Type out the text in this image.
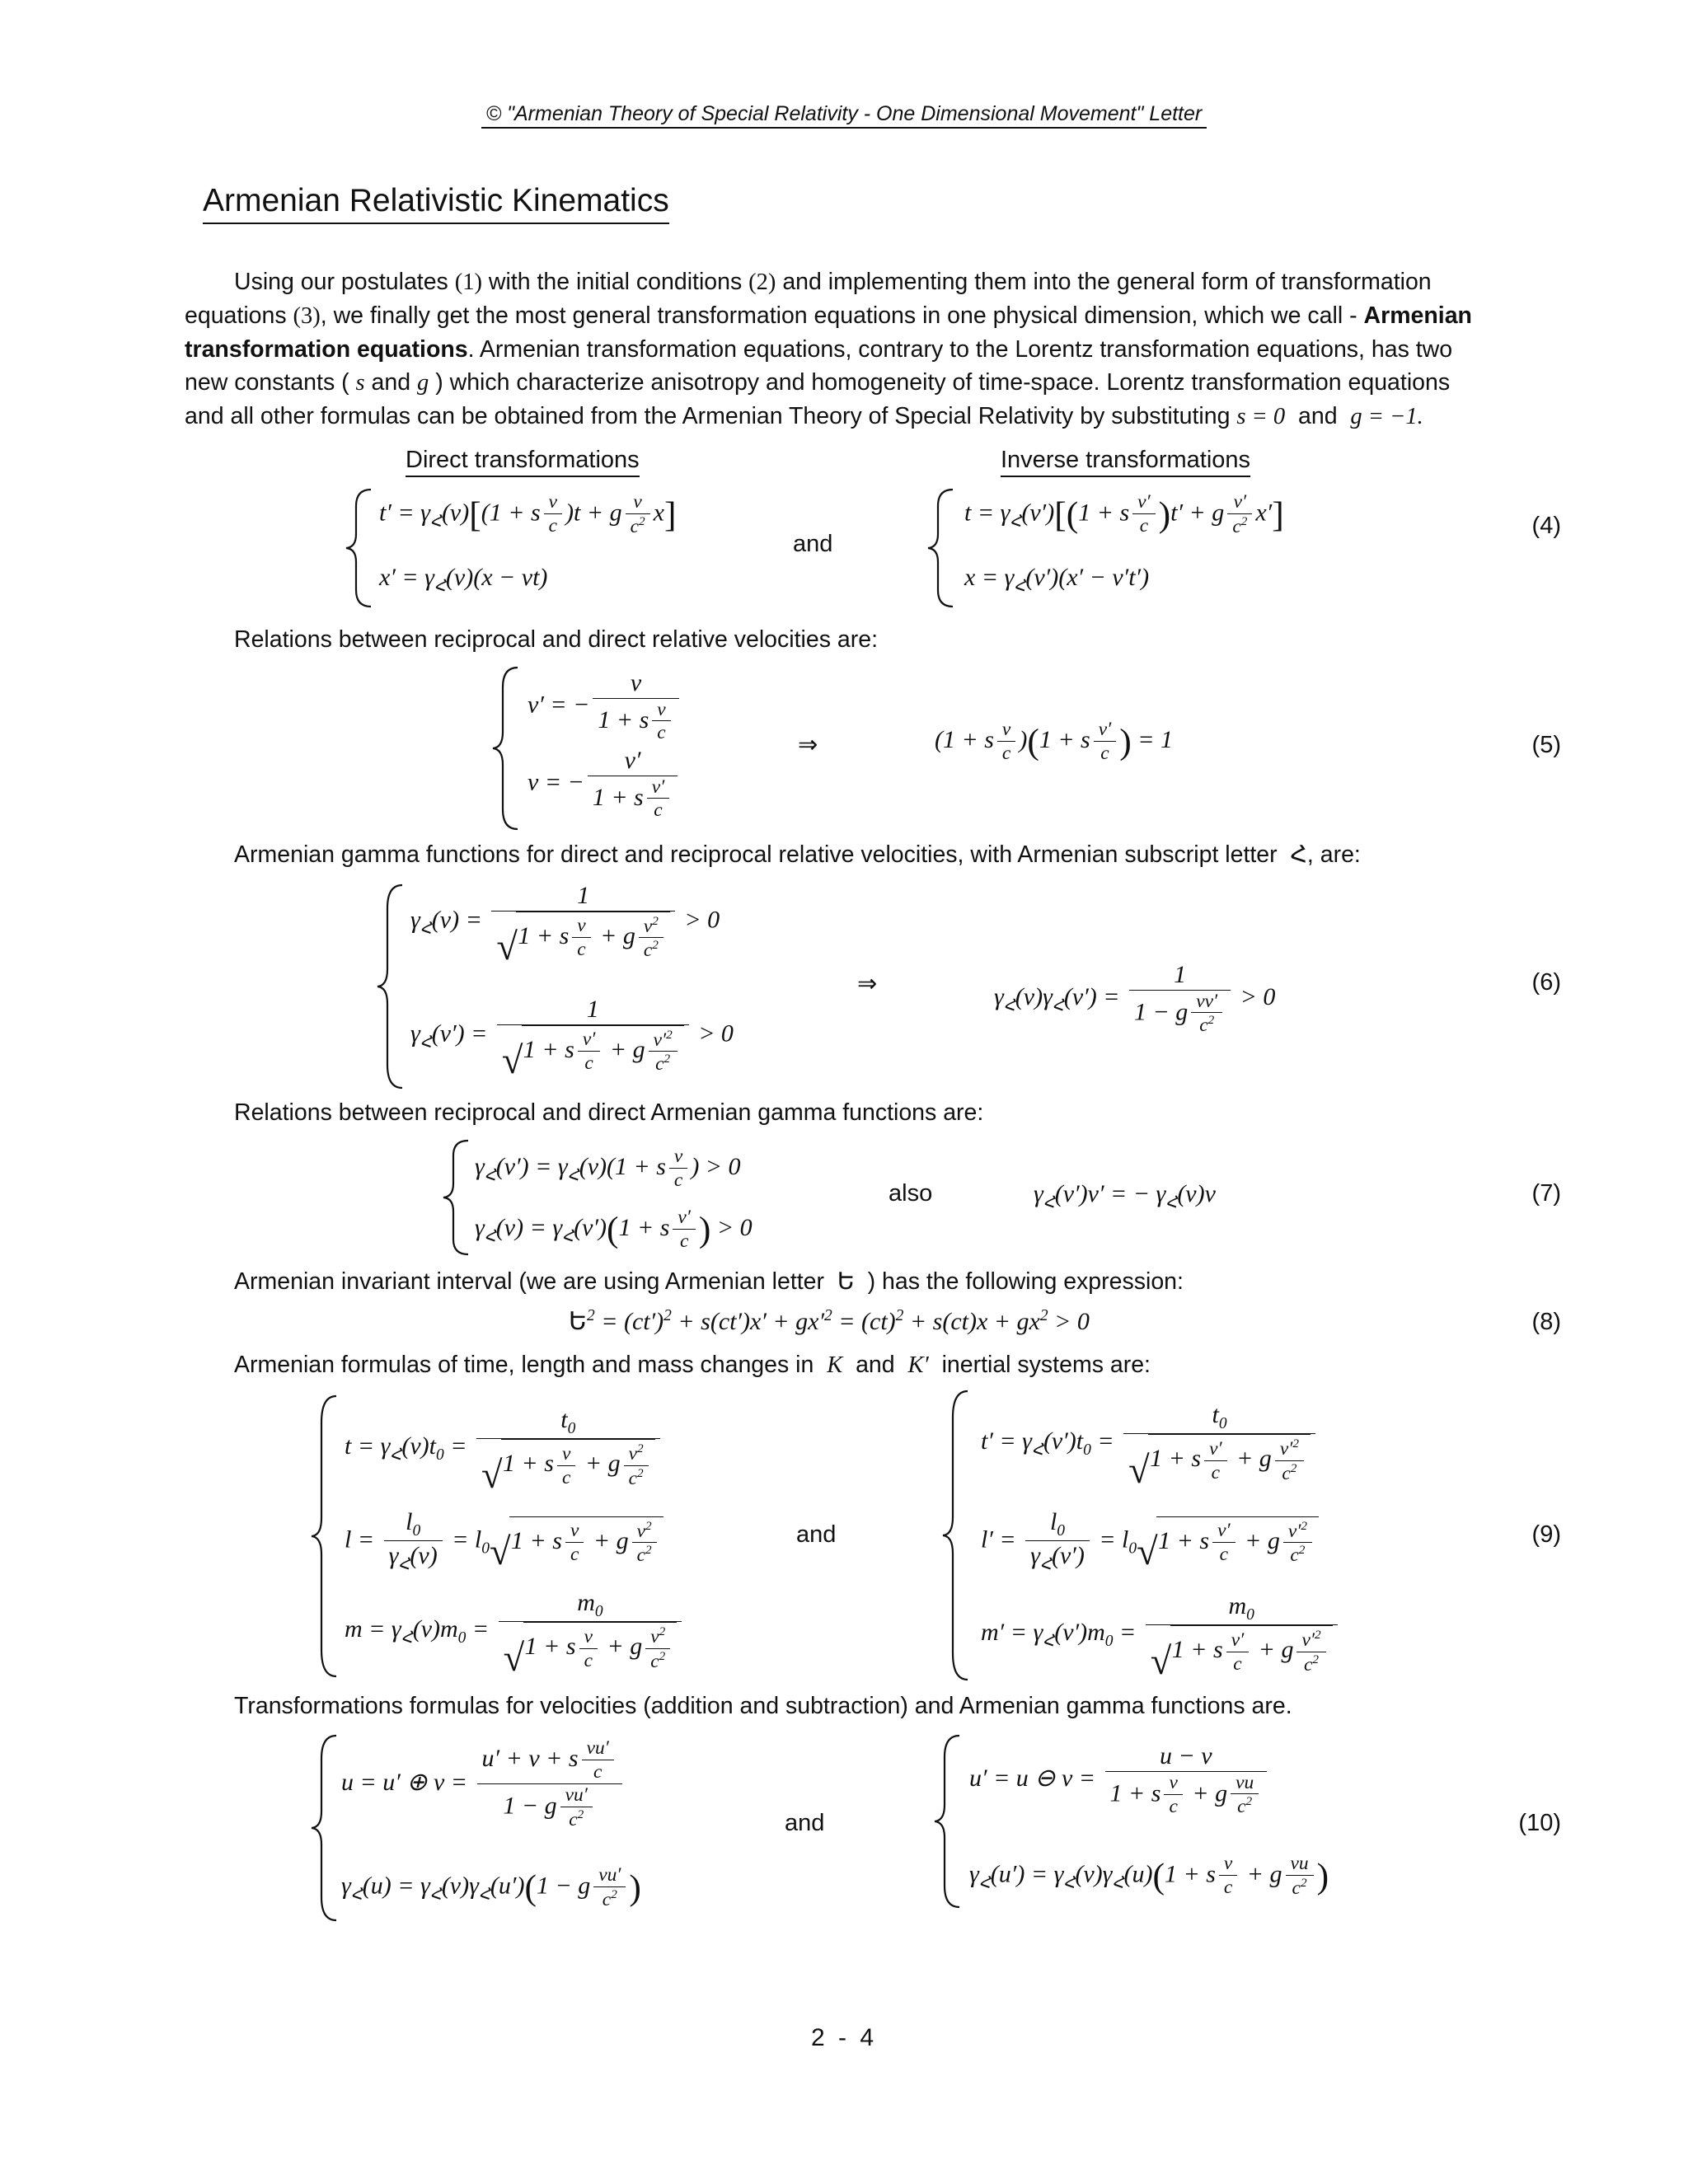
© "Armenian Theory of Special Relativity - One Dimensional Movement" Letter
Armenian Relativistic Kinematics

Using our postulates (1) with the initial conditions (2) and implementing them into the general form of transformation equations (3), we finally get the most general transformation equations in one physical dimension, which we call - Armenian transformation equations. Armenian transformation equations, contrary to the Lorentz transformation equations, has two new constants ( s and g ) which characterize anisotropy and homogeneity of time-space. Lorentz transformation equations and all other formulas can be obtained from the Armenian Theory of Special Relativity by substituting s = 0 and g = −1.

Direct transformations	Inverse transformations
$t' = \gamma_Հ(v)[(1 + s \frac{v}{c} )t + g \frac{v}{c^2} x]$
$x' = \gamma_Հ(v)(x - vt)$
and
$t = \gamma_Հ(v')[(1 + s \frac{v'}{c} )t' + g \frac{v'}{c^2} x']$
$x = \gamma_Հ(v')(x' - v't')$
(4)
Relations between reciprocal and direct relative velocities are:
v′ = − $\frac{v}{1 + s \frac{v}{c}}$
v = − $\frac{v'}{1 + s \frac{v'}{c}}$
⇒	(1 + s $\frac{v}{c} )(1 + s \frac{v'}{c}$ ) = 1	(5)
Armenian gamma functions for direct and reciprocal relative velocities, with Armenian subscript letter Հ, are:
$\gamma_Հ(v) = 1$
√ 1 + s $\frac{v}{c} + g \frac{v^2}{c^2} > 0$
$\gamma_Հ(v') = 1$
√ 1 + s $\frac{v'}{c} + g \frac{v'^2}{c^2} > 0$
⇒	$\gamma_Հ(v)\gamma_Հ(v') = \frac{1}{1 - g \frac{vv'}{c^2}} > 0$
(6)
Relations between reciprocal and direct Armenian gamma functions are:
$\gamma_Հ(v') = \gamma_Հ(v)(1 + s \frac{v}{c}$ ) > 0
$\gamma_Հ(v) = \gamma_Հ(v')(1 + s \frac{v'}{c}$ ) > 0
also	$\gamma_Հ(v')v'$ = − $\gamma_Հ(v)v$	(7)
Armenian invariant interval (we are using Armenian letter Ե ) has the following expression:
Ե$^2$ = $(ct')^2 + s(ct')x' + gx'^2 = (ct)^2 + s(ct)x + gx^2 > 0$	(8)
Armenian formulas of time, length and mass changes in K and K′ inertial systems are:
$t = \gamma_Հ(v)t_0 = t_0$
√ 1 + s $\frac{v}{c} + g \frac{v^2}{c^2}$
$l = \frac{l_0}{\gamma_Հ(v)} = l_0√$ 1 + s $\frac{v}{c} + g \frac{v^2}{c^2}$
$m = \gamma_Հ(v)m_0 = m_0$
√ 1 + s $\frac{v}{c} + g \frac{v^2}{c^2}$
and
$t' = \gamma_Հ(v')t_0 = t_0$
√ 1 + s $\frac{v'}{c} + g \frac{v'^2}{c^2}$
$l' = \frac{l_0}{\gamma_Հ(v')} = l_0√$ 1 + s $\frac{v'}{c} + g \frac{v'^2}{c^2}$
$m' = \gamma_Հ(v')m_0 = m_0$
√ 1 + s $\frac{v'}{c} + g \frac{v'^2}{c^2}$
(9)
Transformations formulas for velocities (addition and subtraction) and Armenian gamma functions are.
u = u′ ⊕ $v = \frac{u' + v + s \frac{vu'}{c}}{1 - g \frac{vu'}{c^2}}$
$\gamma_Հ(u) = \gamma_Հ(v)\gamma_Հ(u')(1 - g \frac{vu'}{c^2}$ )
and
u′ = u ⊖ $v = \frac{u - v}{1 + s \frac{v}{c} + g \frac{vu}{c^2}}$
$\gamma_Հ(u') = \gamma_Հ(v)\gamma_Հ(u)(1 + s \frac{v}{c} + g \frac{vu}{c^2}$ )
(10)
2 - 4
